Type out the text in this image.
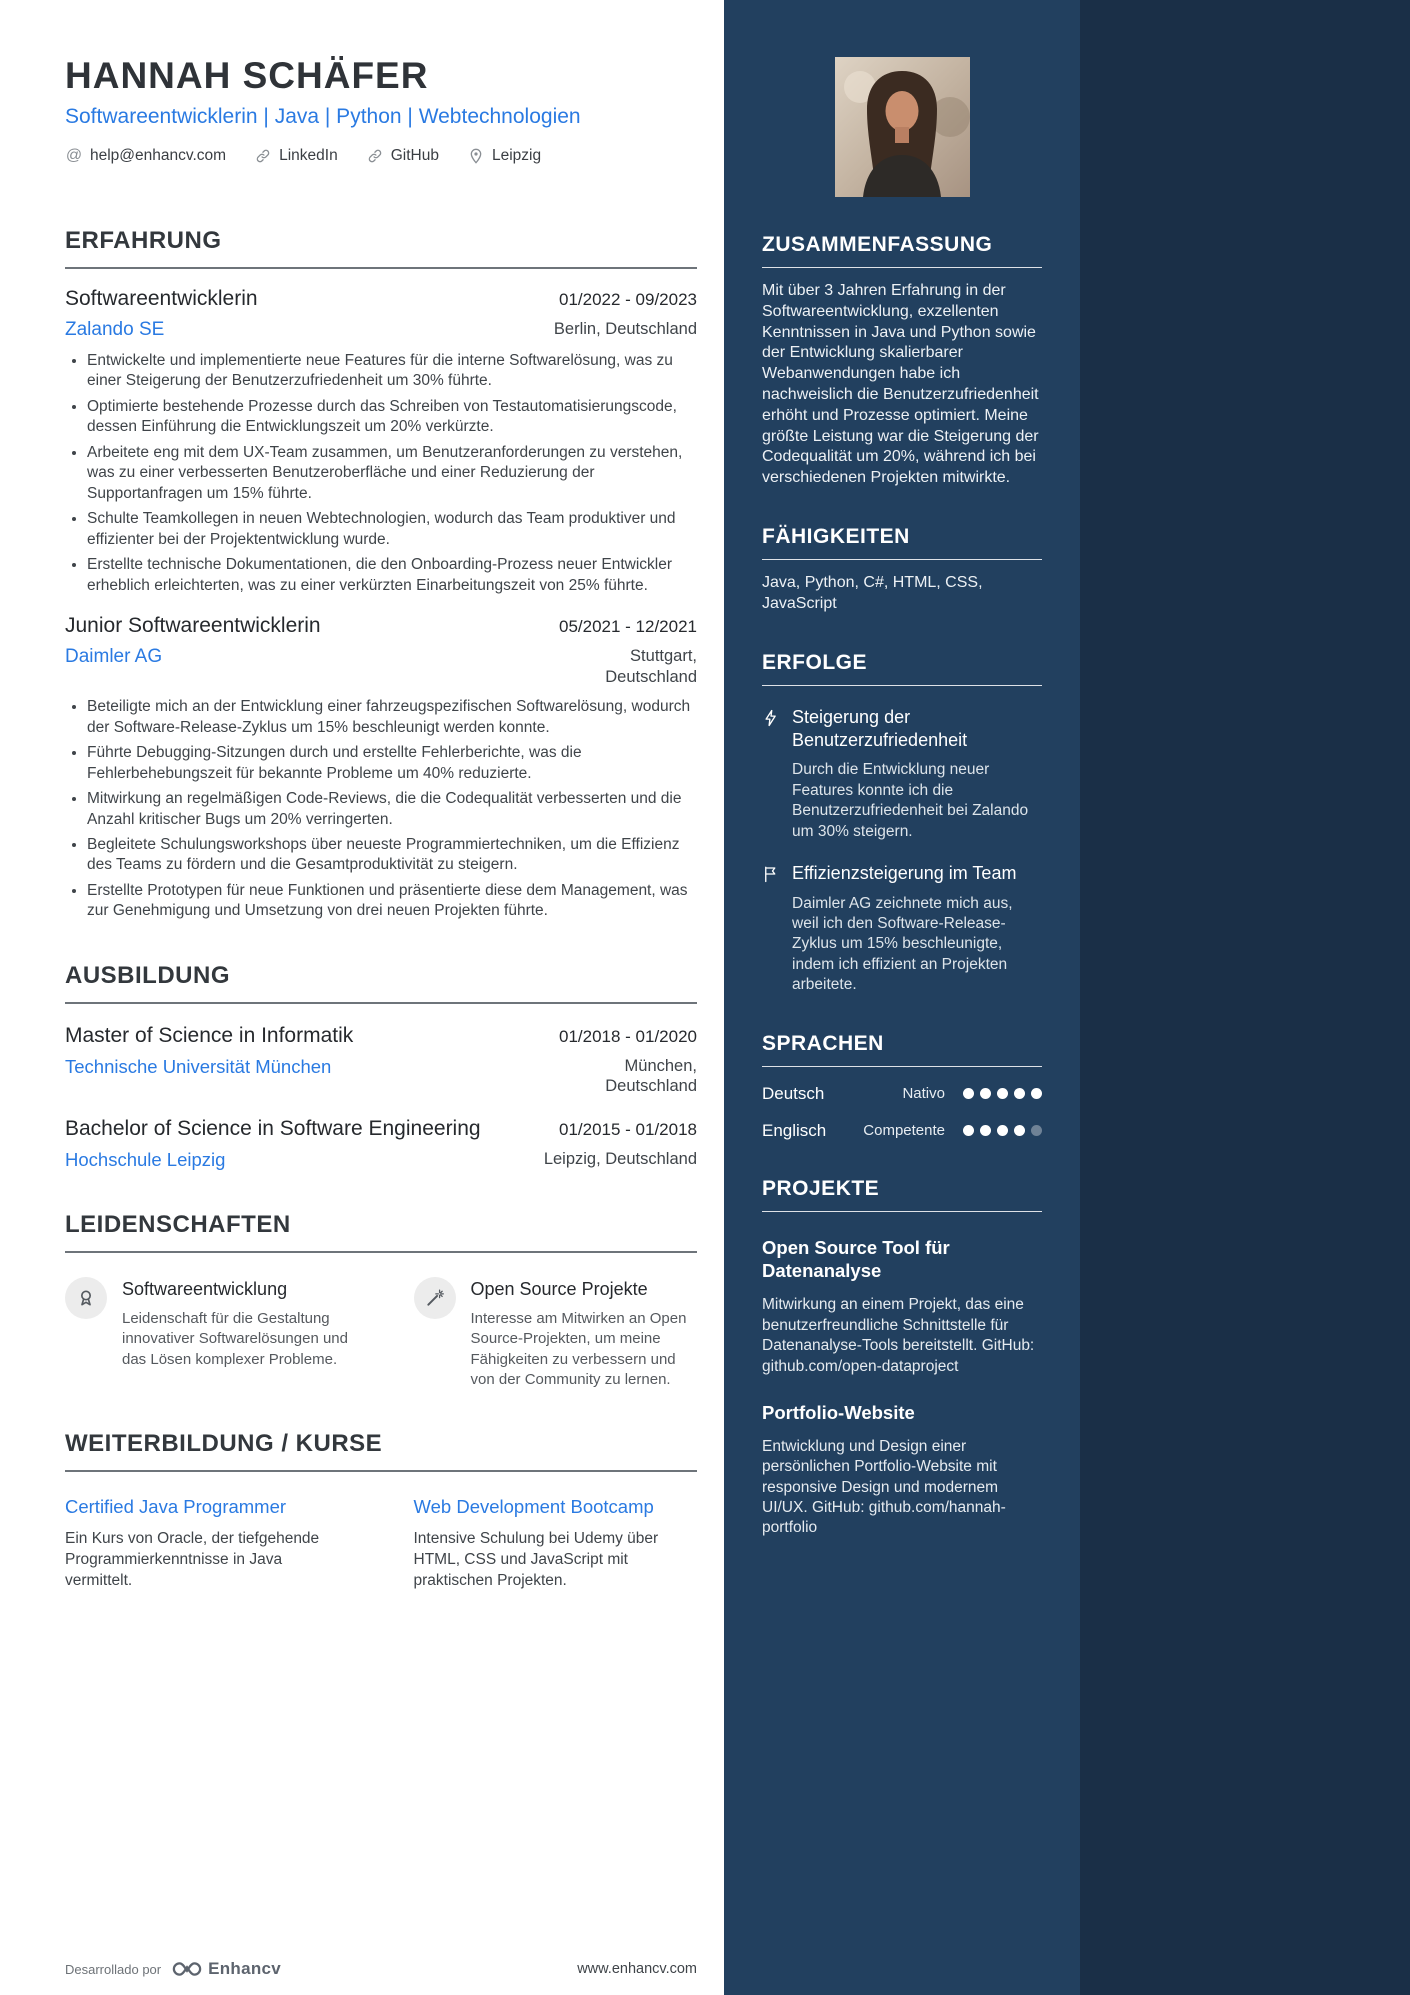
HANNAH SCHÄFER
Softwareentwicklerin | Java | Python | Webtechnologien
@ help@enhancv.com	LinkedIn	GitHub	Leipzig
ERFAHRUNG
Softwareentwicklerin	01/2022 - 09/2023
Zalando SE	Berlin, Deutschland
• Entwickelte und implementierte neue Features für die interne Softwarelösung, was zu einer Steigerung der Benutzerzufriedenheit um 30% führte.
• Optimierte bestehende Prozesse durch das Schreiben von Testautomatisierungscode, dessen Einführung die Entwicklungszeit um 20% verkürzte.
• Arbeitete eng mit dem UX-Team zusammen, um Benutzeranforderungen zu verstehen, was zu einer verbesserten Benutzeroberfläche und einer Reduzierung der Supportanfragen um 15% führte.
• Schulte Teamkollegen in neuen Webtechnologien, wodurch das Team produktiver und effizienter bei der Projektentwicklung wurde.
• Erstellte technische Dokumentationen, die den Onboarding-Prozess neuer Entwickler erheblich erleichterten, was zu einer verkürzten Einarbeitungszeit von 25% führte.
Junior Softwareentwicklerin	05/2021 - 12/2021
Daimler AG	Stuttgart, Deutschland
• Beteiligte mich an der Entwicklung einer fahrzeugspezifischen Softwarelösung, wodurch der Software-Release-Zyklus um 15% beschleunigt werden konnte.
• Führte Debugging-Sitzungen durch und erstellte Fehlerberichte, was die Fehlerbehebungszeit für bekannte Probleme um 40% reduzierte.
• Mitwirkung an regelmäßigen Code-Reviews, die die Codequalität verbesserten und die Anzahl kritischer Bugs um 20% verringerten.
• Begleitete Schulungsworkshops über neueste Programmiertechniken, um die Effizienz des Teams zu fördern und die Gesamtproduktivität zu steigern.
• Erstellte Prototypen für neue Funktionen und präsentierte diese dem Management, was zur Genehmigung und Umsetzung von drei neuen Projekten führte.
AUSBILDUNG
Master of Science in Informatik	01/2018 - 01/2020
Technische Universität München	München, Deutschland
Bachelor of Science in Software Engineering	01/2015 - 01/2018
Hochschule Leipzig	Leipzig, Deutschland
LEIDENSCHAFTEN
Softwareentwicklung

Leidenschaft für die Gestaltung innovativer Softwarelösungen und das Lösen komplexer Probleme.

Open Source Projekte

Interesse am Mitwirken an Open Source-Projekten, um meine Fähigkeiten zu verbessern und von der Community zu lernen.

WEITERBILDUNG / KURSE
Certified Java Programmer

Ein Kurs von Oracle, der tiefgehende Programmierkenntnisse in Java vermittelt.

Web Development Bootcamp

Intensive Schulung bei Udemy über HTML, CSS und JavaScript mit praktischen Projekten.

Desarrollado por	Enhancv	www.enhancv.com
ZUSAMMENFASSUNG
Mit über 3 Jahren Erfahrung in der Softwareentwicklung, exzellenten Kenntnissen in Java und Python sowie der Entwicklung skalierbarer Webanwendungen habe ich nachweislich die Benutzerzufriedenheit erhöht und Prozesse optimiert. Meine größte Leistung war die Steigerung der Codequalität um 20%, während ich bei verschiedenen Projekten mitwirkte.
FÄHIGKEITEN
Java, Python, C#, HTML, CSS, JavaScript
ERFOLGE
Steigerung der Benutzerzufriedenheit

Durch die Entwicklung neuer Features konnte ich die Benutzerzufriedenheit bei Zalando um 30% steigern.

Effizienzsteigerung im Team

Daimler AG zeichnete mich aus, weil ich den Software-Release-Zyklus um 15% beschleunigte, indem ich effizient an Projekten arbeitete.

SPRACHEN
Deutsch	Nativo
Englisch	Competente
PROJEKTE
Open Source Tool für Datenanalyse

Mitwirkung an einem Projekt, das eine benutzerfreundliche Schnittstelle für Datenanalyse-Tools bereitstellt. GitHub: github.com/open-dataproject

Portfolio-Website

Entwicklung und Design einer persönlichen Portfolio-Website mit responsive Design und modernem UI/UX. GitHub: github.com/hannah-portfolio
